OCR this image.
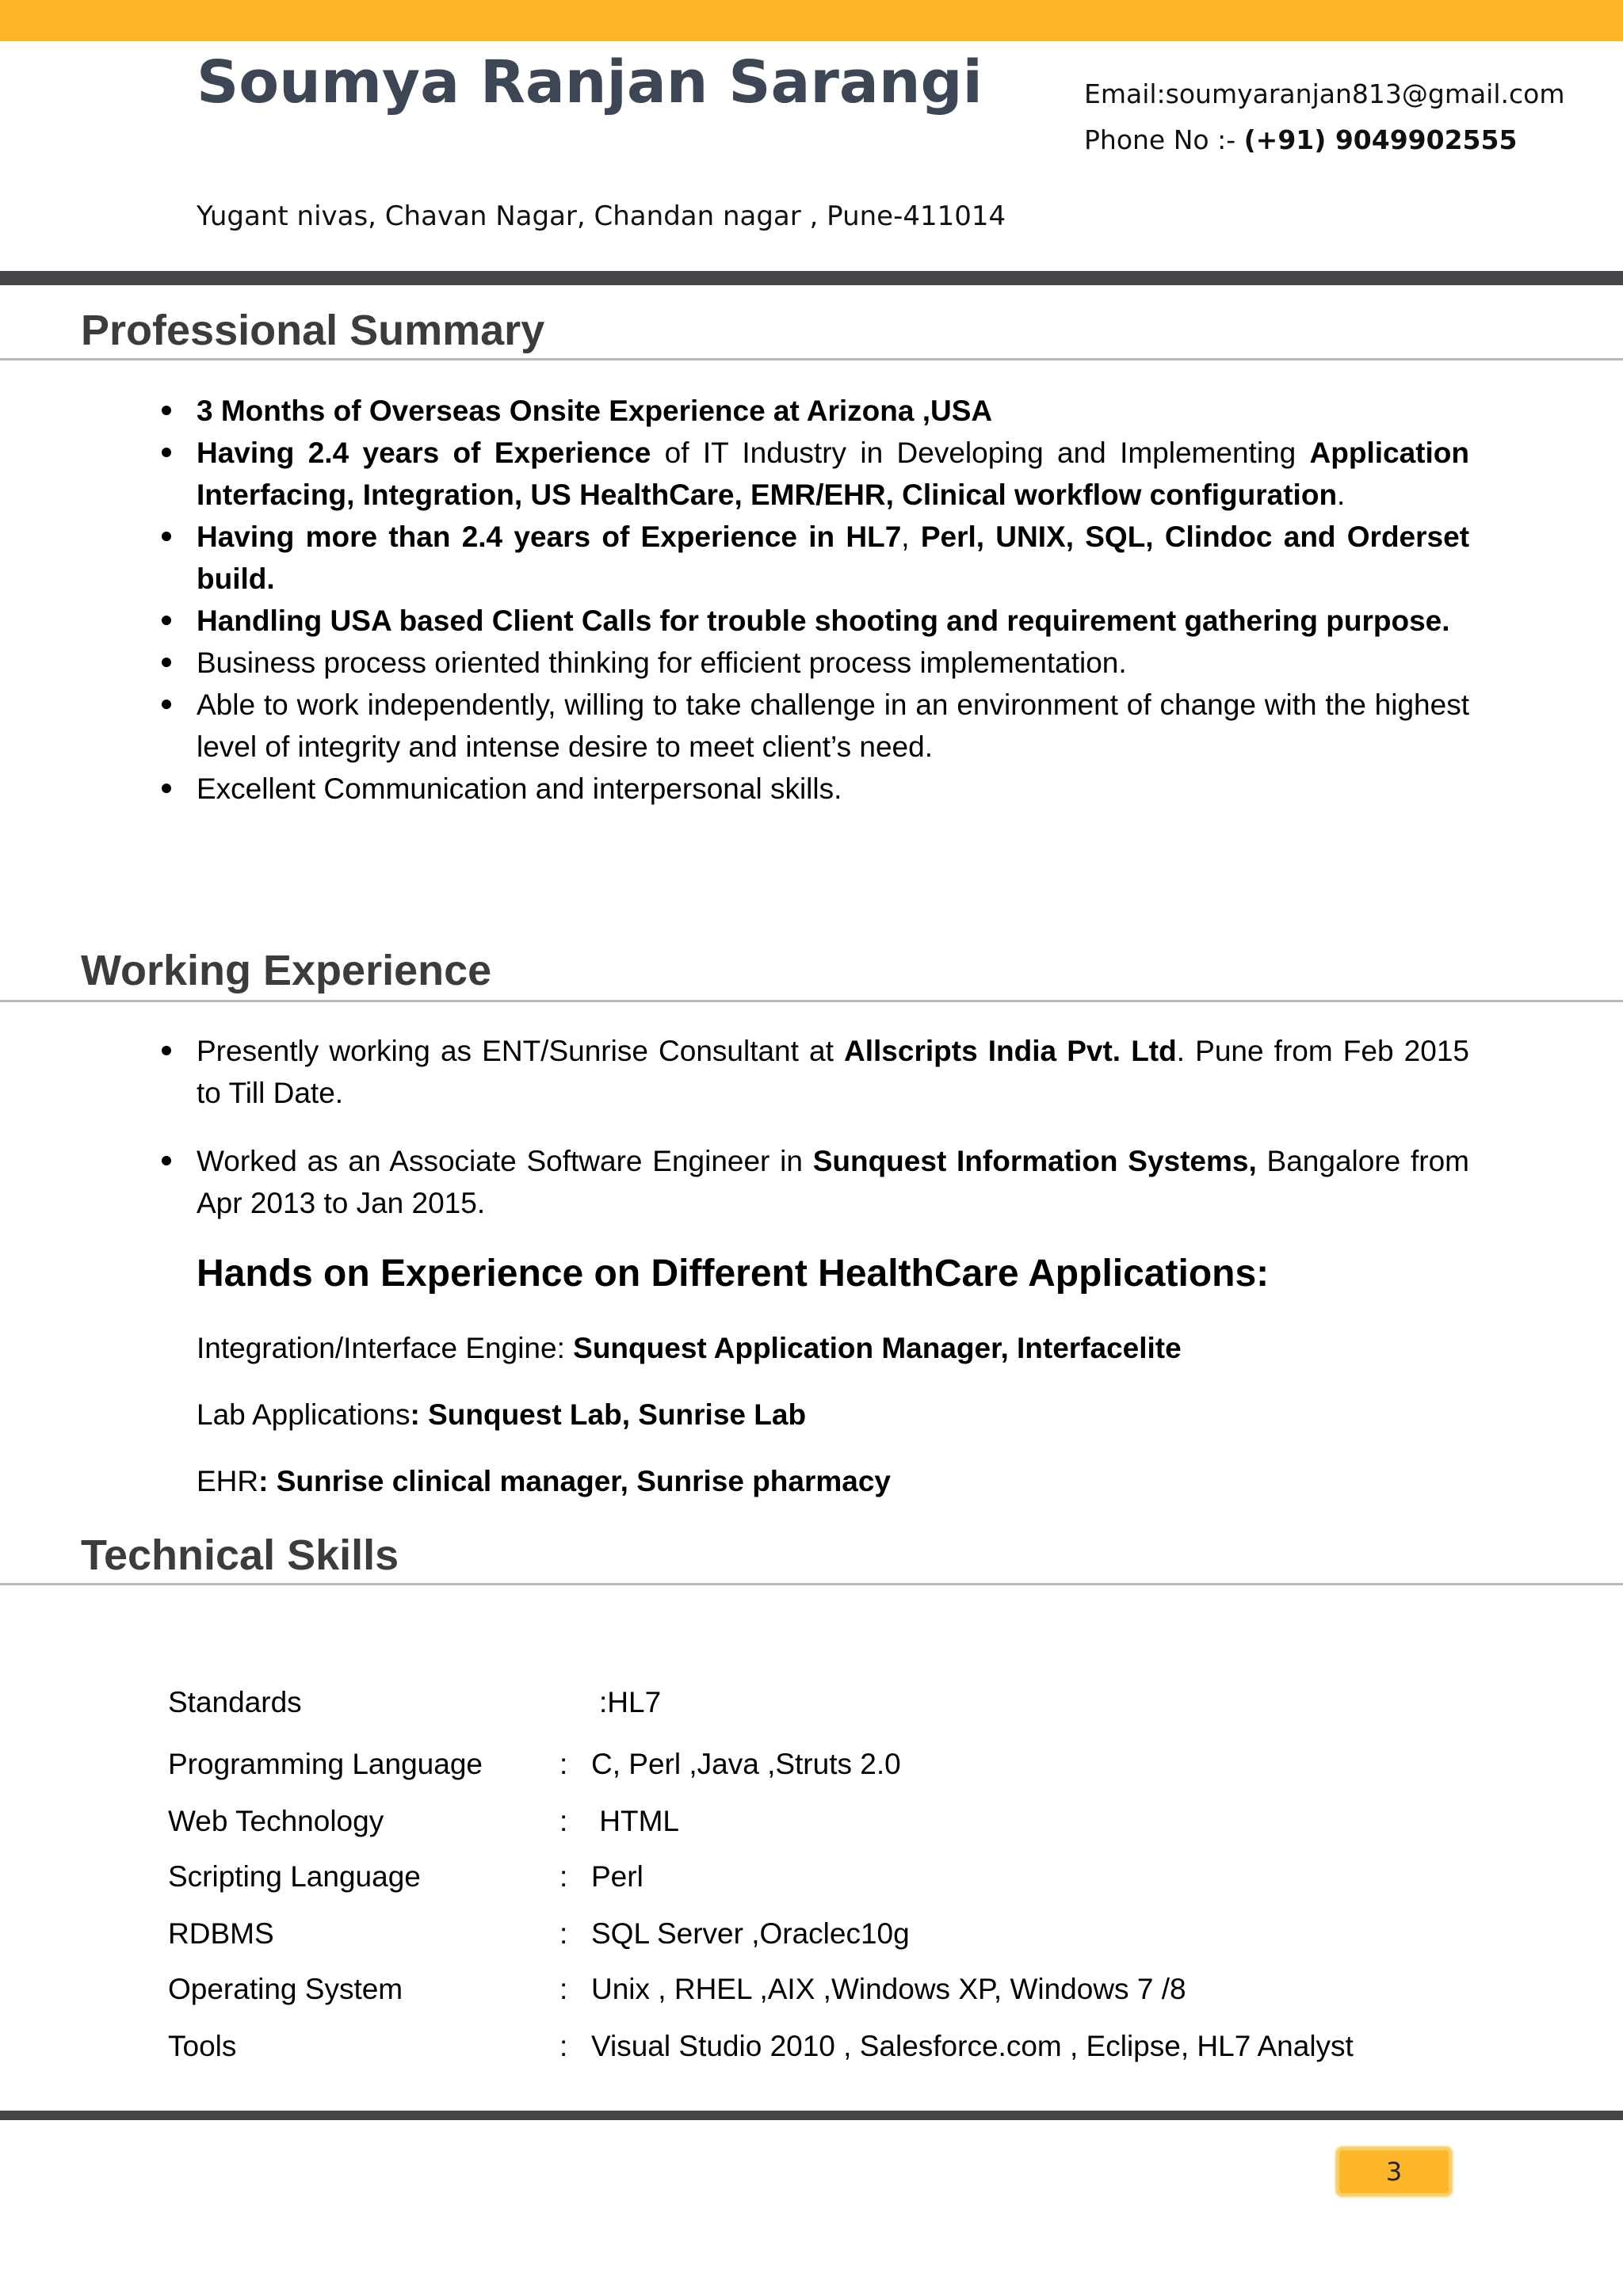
Soumya Ranjan Sarangi	Email:soumyaranjan813@gmail.com
Phone No :- (+91) 9049902555
Yugant nivas, Chavan Nagar, Chandan nagar , Pune-411014
Professional Summary
3 Months of Overseas Onsite Experience at Arizona ,USA
Having 2.4 years of Experience of IT Industry in Developing and Implementing Application Interfacing, Integration, US HealthCare, EMR/EHR, Clinical workflow configuration.
Having more than 2.4 years of Experience in HL7, Perl, UNIX, SQL, Clindoc and Orderset build.
Handling USA based Client Calls for trouble shooting and requirement gathering purpose.
Business process oriented thinking for efficient process implementation.
Able to work independently, willing to take challenge in an environment of change with the highest level of integrity and intense desire to meet client’s need.
Excellent Communication and interpersonal skills.
Working Experience
Presently working as ENT/Sunrise Consultant at Allscripts India Pvt. Ltd. Pune from Feb 2015 to Till Date.
Worked as an Associate Software Engineer in Sunquest Information Systems, Bangalore from Apr 2013 to Jan 2015.
Hands on Experience on Different HealthCare Applications:
Integration/Interface Engine: Sunquest Application Manager, Interfacelite
Lab Applications: Sunquest Lab, Sunrise Lab
EHR: Sunrise clinical manager, Sunrise pharmacy
Technical Skills
Standards	:HL7
Programming Language	: C, Perl ,Java ,Struts 2.0
Web Technology	: HTML
Scripting Language	: Perl
RDBMS	: SQL Server ,Oraclec10g
Operating System	: Unix , RHEL ,AIX ,Windows XP, Windows 7 /8
Tools	: Visual Studio 2010 , Salesforce.com , Eclipse, HL7 Analyst
3
